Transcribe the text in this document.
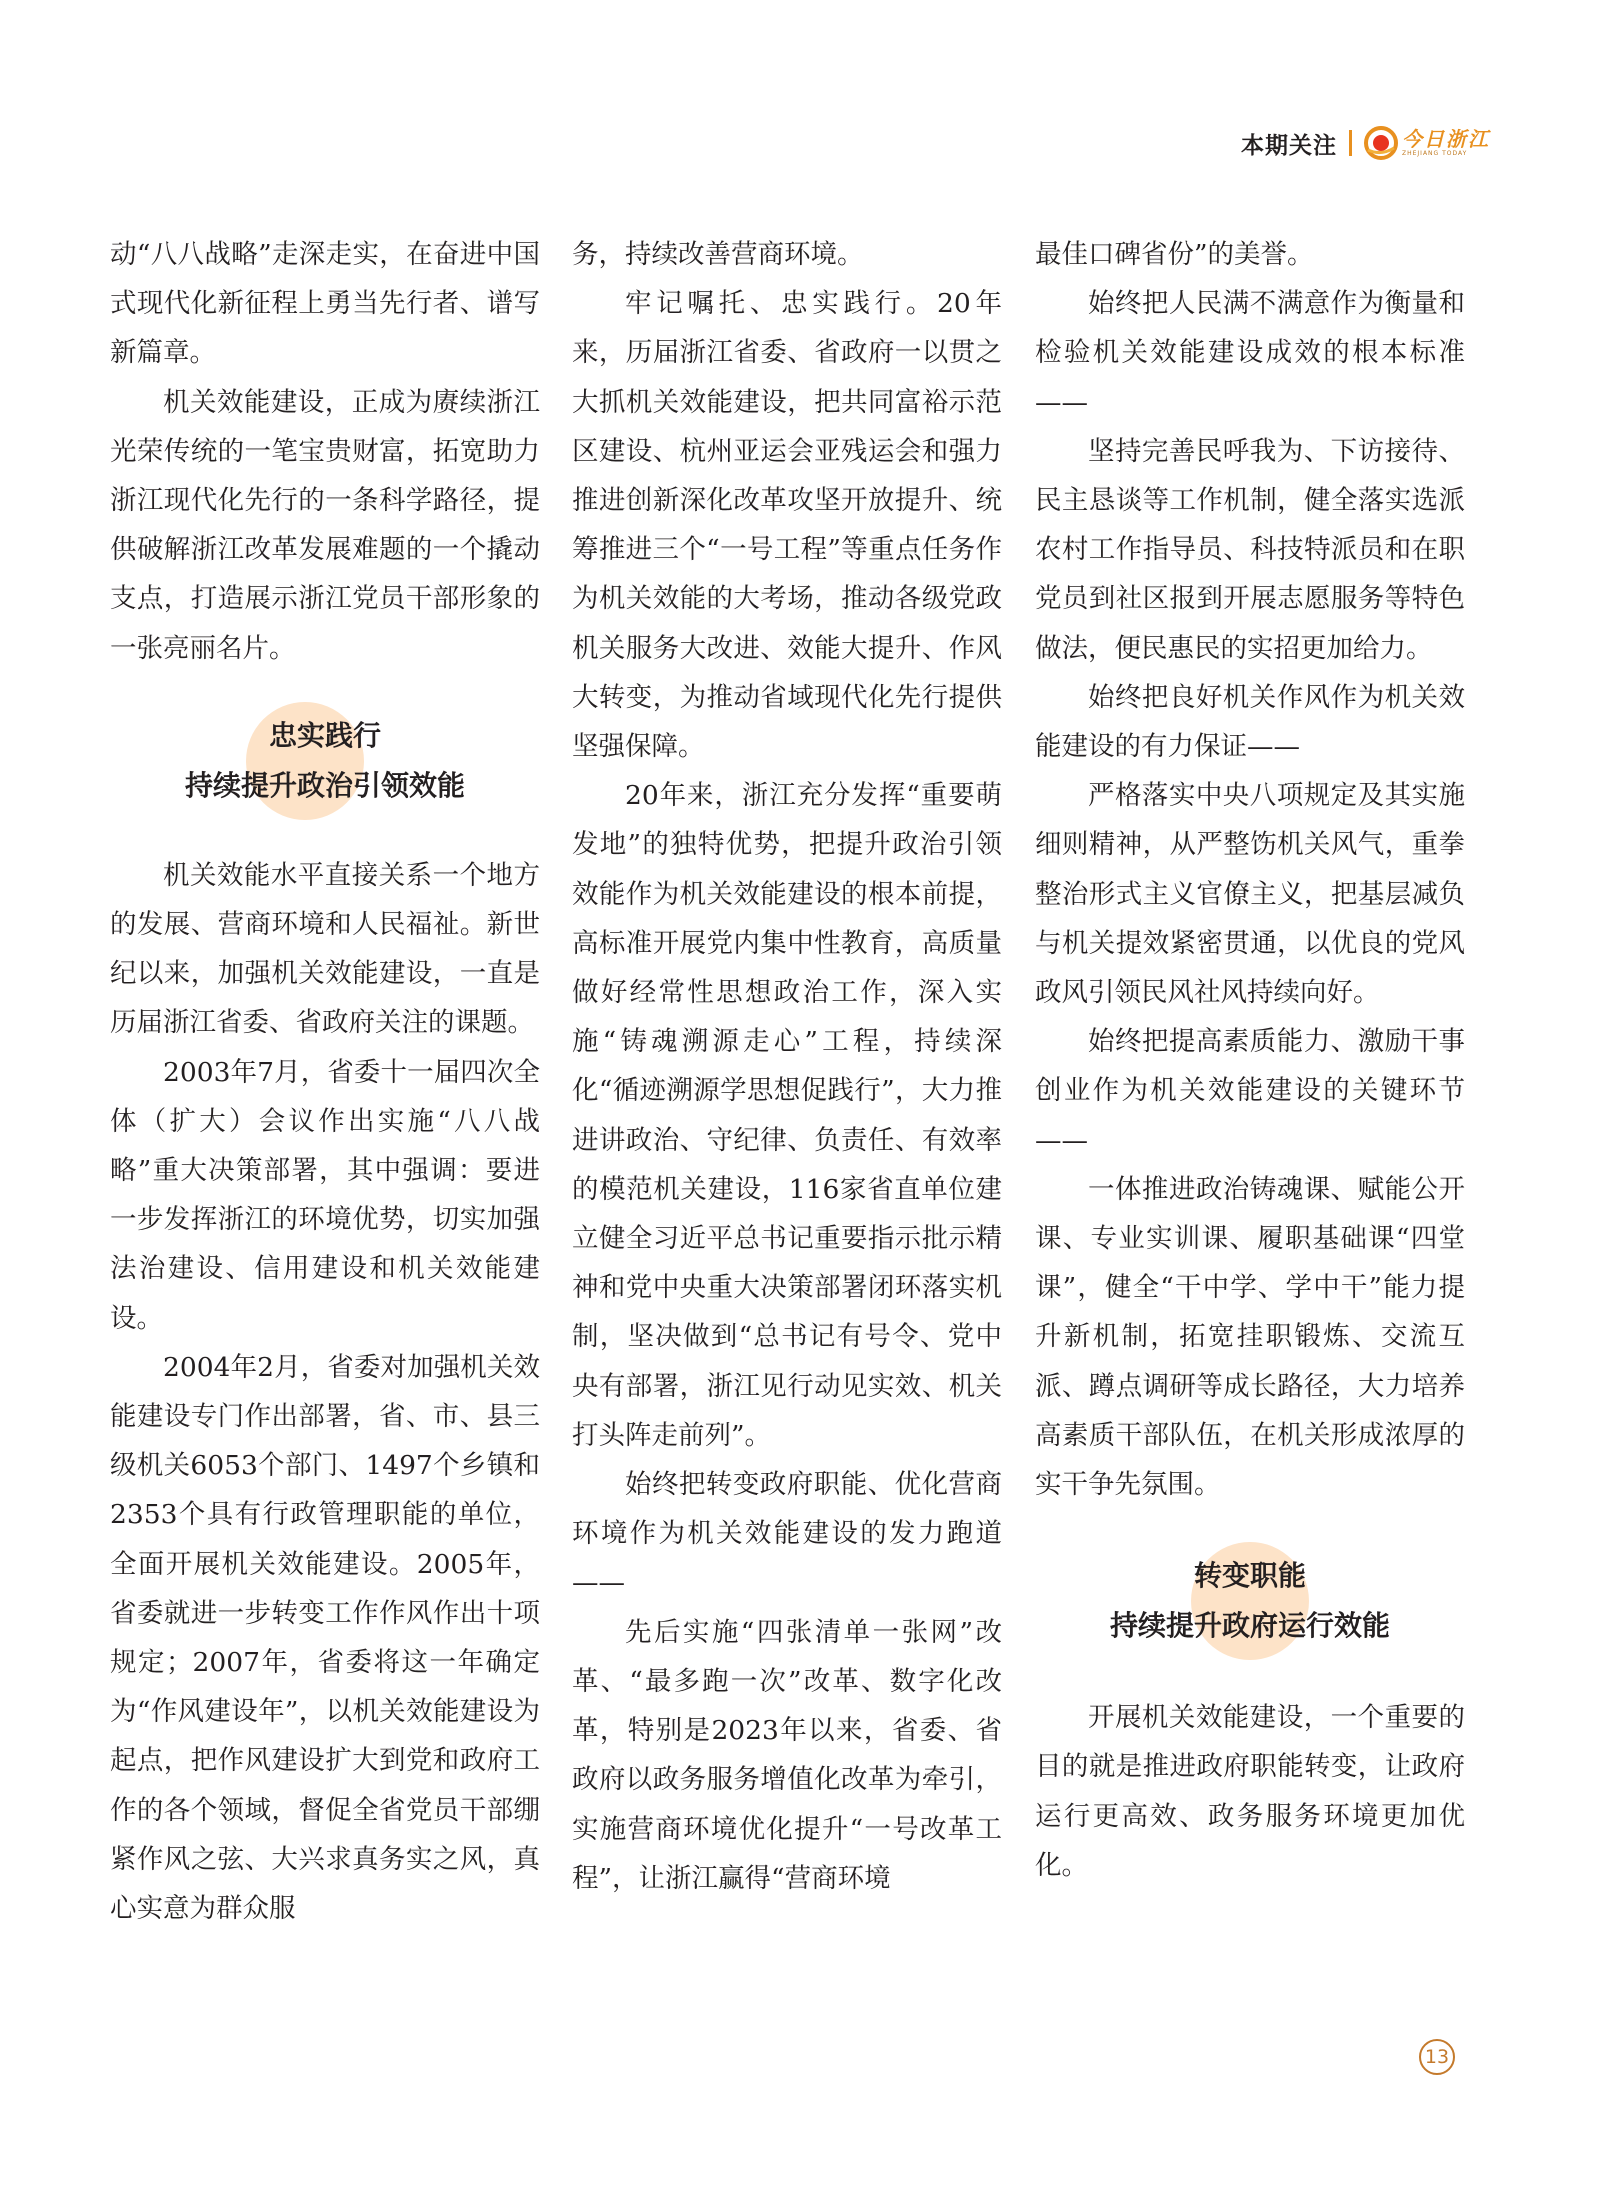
本期关注	今日浙江
ZHEJIANG TODAY

动“八八战略”走深走实，在奋进中国式现代化新征程上勇当先行者、谱写新篇章。

机关效能建设，正成为赓续浙江光荣传统的一笔宝贵财富，拓宽助力浙江现代化先行的一条科学路径，提供破解浙江改革发展难题的一个撬动支点，打造展示浙江党员干部形象的一张亮丽名片。

忠实践行
持续提升政治引领效能

机关效能水平直接关系一个地方的发展、营商环境和人民福祉。新世纪以来，加强机关效能建设，一直是历届浙江省委、省政府关注的课题。

2003年7月，省委十一届四次全体（扩大）会议作出实施“八八战略”重大决策部署，其中强调：要进一步发挥浙江的环境优势，切实加强法治建设、信用建设和机关效能建设。

2004年2月，省委对加强机关效能建设专门作出部署，省、市、县三级机关6053个部门、1497个乡镇和2353个具有行政管理职能的单位，全面开展机关效能建设。2005年，省委就进一步转变工作作风作出十项规定；2007年，省委将这一年确定为“作风建设年”，以机关效能建设为起点，把作风建设扩大到党和政府工作的各个领域，督促全省党员干部绷紧作风之弦、大兴求真务实之风，真心实意为群众服

务，持续改善营商环境。

牢记嘱托、忠实践行。20年来，历届浙江省委、省政府一以贯之大抓机关效能建设，把共同富裕示范区建设、杭州亚运会亚残运会和强力推进创新深化改革攻坚开放提升、统筹推进三个“一号工程”等重点任务作为机关效能的大考场，推动各级党政机关服务大改进、效能大提升、作风大转变，为推动省域现代化先行提供坚强保障。

20年来，浙江充分发挥“重要萌发地”的独特优势，把提升政治引领效能作为机关效能建设的根本前提，高标准开展党内集中性教育，高质量做好经常性思想政治工作，深入实施“铸魂溯源走心”工程，持续深化“循迹溯源学思想促践行”，大力推进讲政治、守纪律、负责任、有效率的模范机关建设，116家省直单位建立健全习近平总书记重要指示批示精神和党中央重大决策部署闭环落实机制，坚决做到“总书记有号令、党中央有部署，浙江见行动见实效、机关打头阵走前列”。

始终把转变政府职能、优化营商环境作为机关效能建设的发力跑道——

先后实施“四张清单一张网”改革、“最多跑一次”改革、数字化改革，特别是2023年以来，省委、省政府以政务服务增值化改革为牵引，实施营商环境优化提升“一号改革工程”，让浙江赢得“营商环境

最佳口碑省份”的美誉。

始终把人民满不满意作为衡量和检验机关效能建设成效的根本标准——

坚持完善民呼我为、下访接待、民主恳谈等工作机制，健全落实选派农村工作指导员、科技特派员和在职党员到社区报到开展志愿服务等特色做法，便民惠民的实招更加给力。

始终把良好机关作风作为机关效能建设的有力保证——

严格落实中央八项规定及其实施细则精神，从严整饬机关风气，重拳整治形式主义官僚主义，把基层减负与机关提效紧密贯通，以优良的党风政风引领民风社风持续向好。

始终把提高素质能力、激励干事创业作为机关效能建设的关键环节——

一体推进政治铸魂课、赋能公开课、专业实训课、履职基础课“四堂课”，健全“干中学、学中干”能力提升新机制，拓宽挂职锻炼、交流互派、蹲点调研等成长路径，大力培养高素质干部队伍，在机关形成浓厚的实干争先氛围。

转变职能
持续提升政府运行效能

开展机关效能建设，一个重要的目的就是推进政府职能转变，让政府运行更高效、政务服务环境更加优化。

13
